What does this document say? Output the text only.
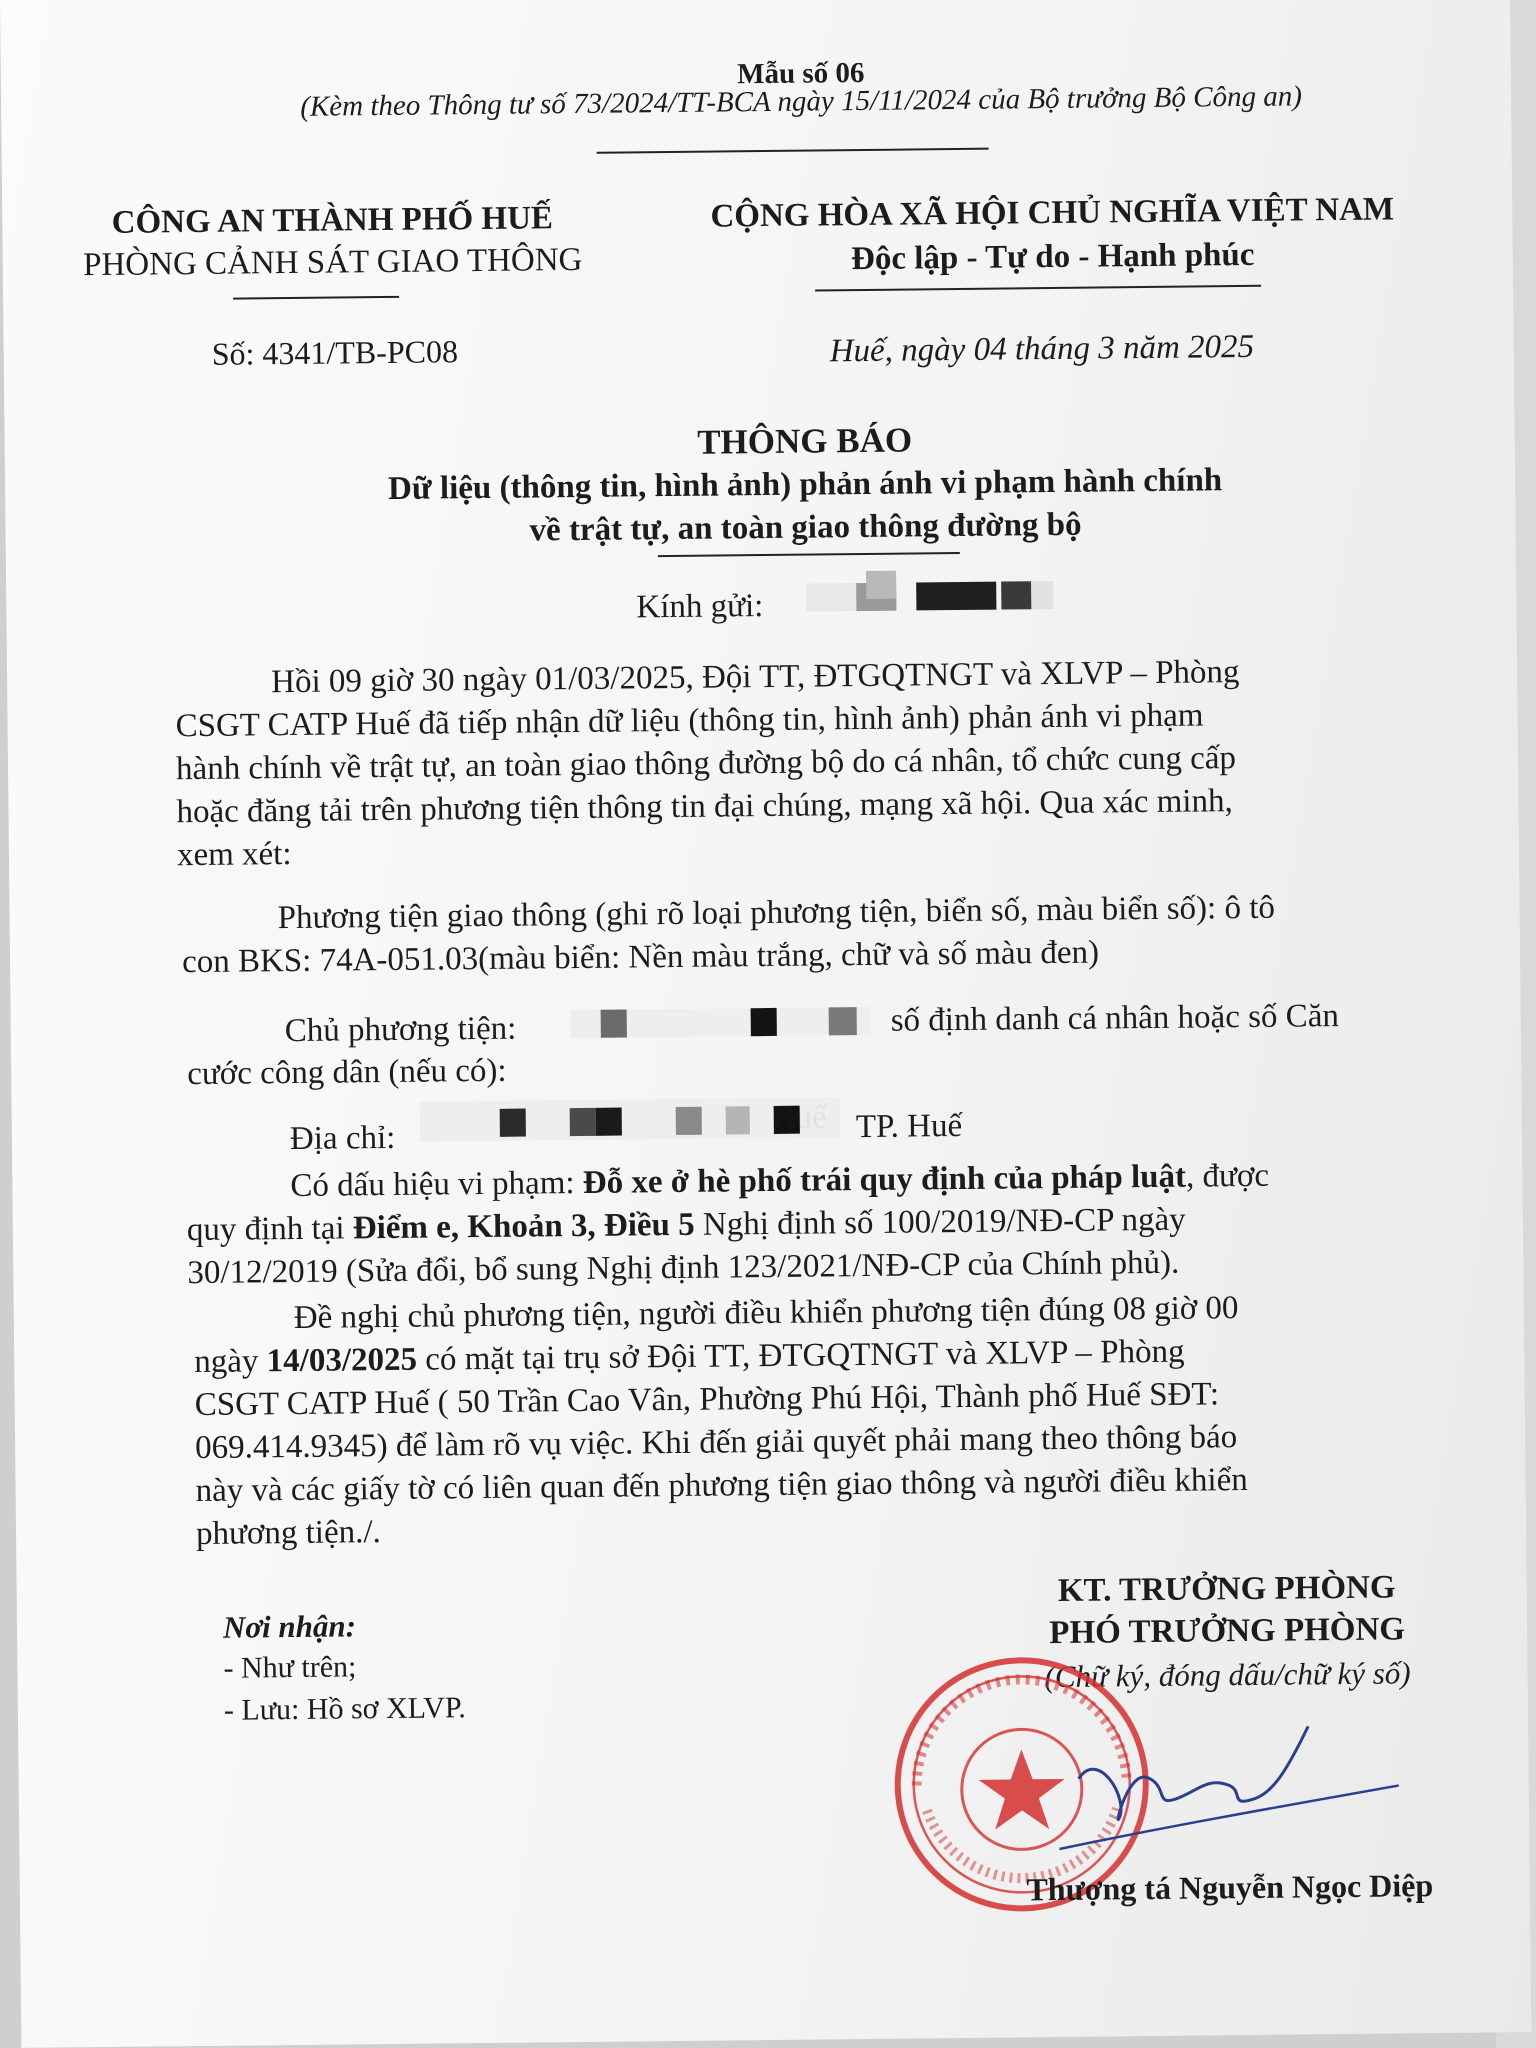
Mẫu số 06
(Kèm theo Thông tư số 73/2024/TT-BCA ngày 15/11/2024 của Bộ trưởng Bộ Công an)
CÔNG AN THÀNH PHỐ HUẾ
PHÒNG CẢNH SÁT GIAO THÔNG
Số: 4341/TB-PC08
CỘNG HÒA XÃ HỘI CHỦ NGHĨA VIỆT NAM
Độc lập - Tự do - Hạnh phúc
Huế, ngày 04 tháng 3 năm 2025
THÔNG BÁO
Dữ liệu (thông tin, hình ảnh) phản ánh vi phạm hành chính
về trật tự, an toàn giao thông đường bộ
Kính gửi:
Hồi 09 giờ 30 ngày 01/03/2025, Đội TT, ĐTGQTNGT và XLVP – Phòng
CSGT CATP Huế đã tiếp nhận dữ liệu (thông tin, hình ảnh) phản ánh vi phạm
hành chính về trật tự, an toàn giao thông đường bộ do cá nhân, tổ chức cung cấp
hoặc đăng tải trên phương tiện thông tin đại chúng, mạng xã hội. Qua xác minh,
xem xét:
Phương tiện giao thông (ghi rõ loại phương tiện, biển số, màu biển số): ô tô
con BKS: 74A-051.03(màu biển: Nền màu trắng, chữ và số màu đen)
Chủ phương tiện:	số định danh cá nhân hoặc số Căn
cước công dân (nếu có):
Địa chỉ:	TP. Huế
Có dấu hiệu vi phạm: Đỗ xe ở hè phố trái quy định của pháp luật, được
quy định tại Điểm e, Khoản 3, Điều 5 Nghị định số 100/2019/NĐ-CP ngày
30/12/2019 (Sửa đổi, bổ sung Nghị định 123/2021/NĐ-CP của Chính phủ).
Đề nghị chủ phương tiện, người điều khiển phương tiện đúng 08 giờ 00
ngày 14/03/2025 có mặt tại trụ sở Đội TT, ĐTGQTNGT và XLVP – Phòng
CSGT CATP Huế ( 50 Trần Cao Vân, Phường Phú Hội, Thành phố Huế SĐT:
069.414.9345) để làm rõ vụ việc. Khi đến giải quyết phải mang theo thông báo
này và các giấy tờ có liên quan đến phương tiện giao thông và người điều khiển
phương tiện./.
Huế
Nơi nhận:
- Như trên;
- Lưu: Hồ sơ XLVP.
KT. TRƯỞNG PHÒNG
PHÓ TRƯỞNG PHÒNG
(Chữ ký, đóng dấu/chữ ký số)
Thượng tá Nguyễn Ngọc Diệp
